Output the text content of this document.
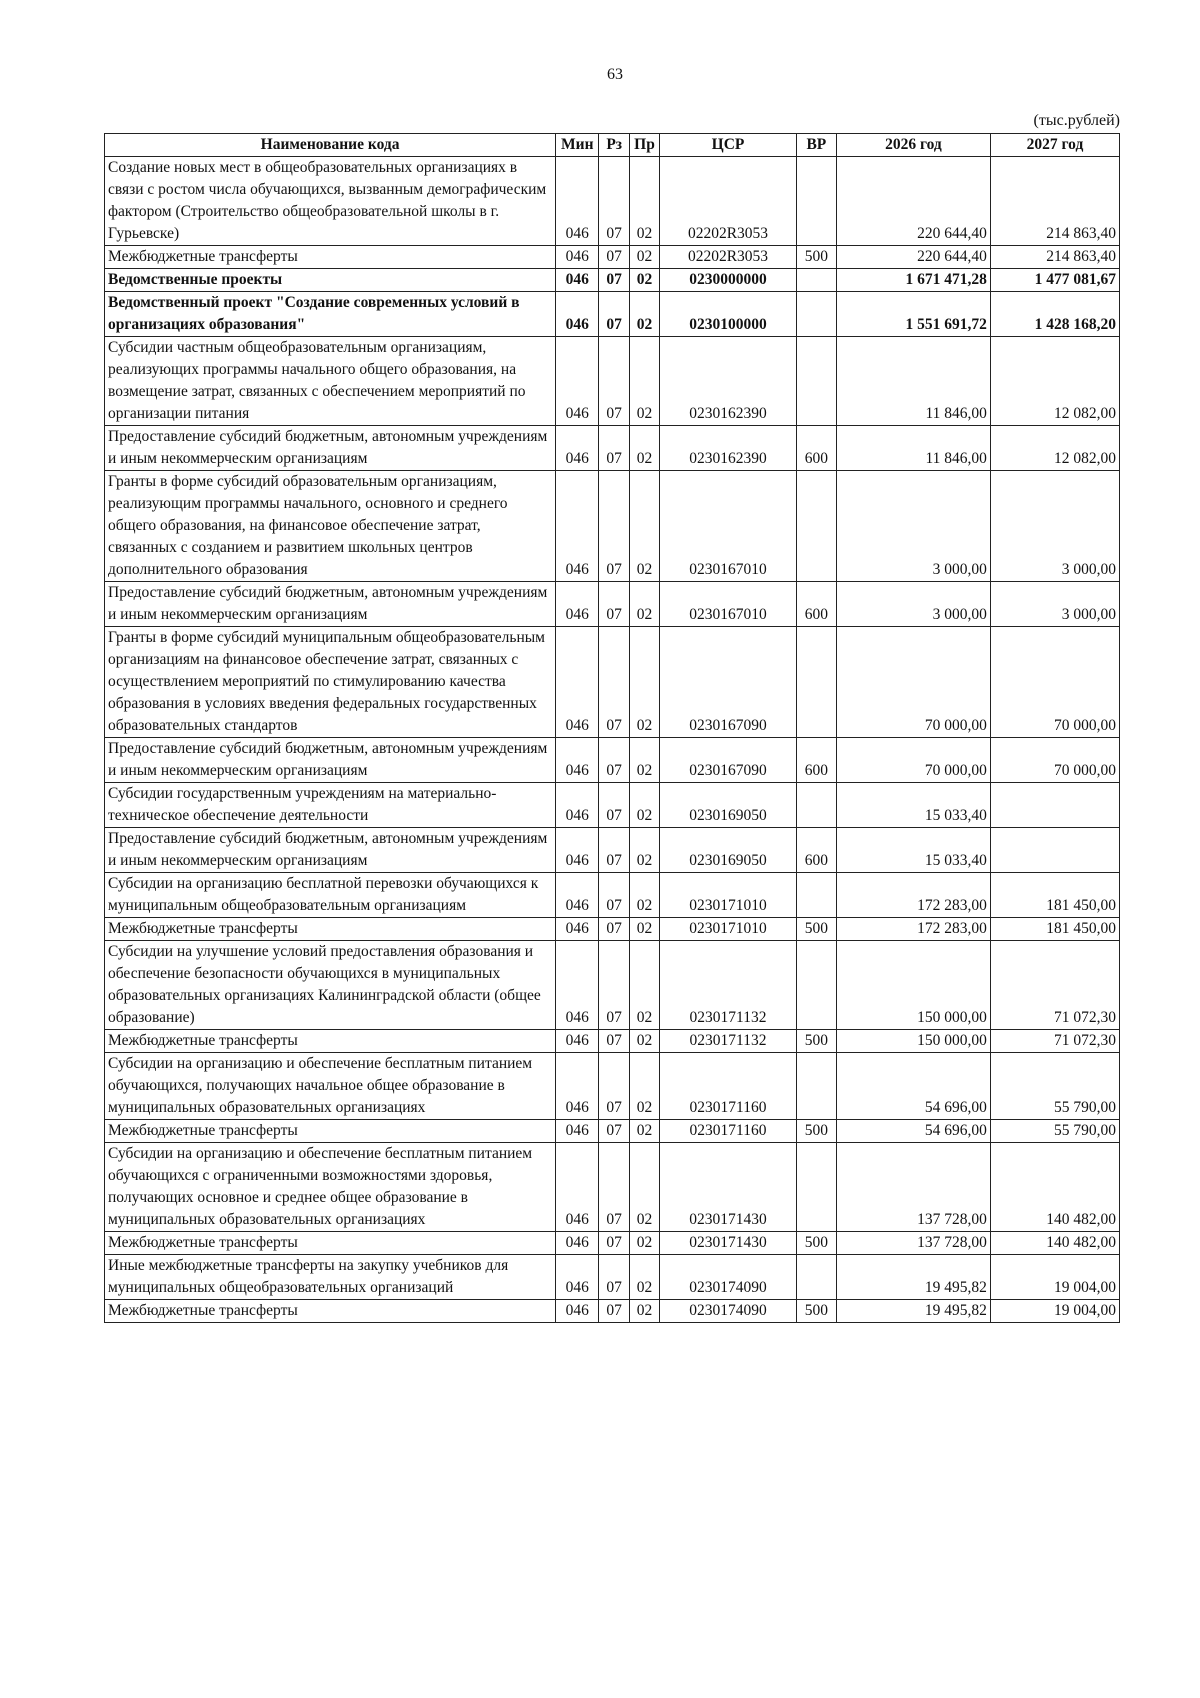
63
(тыс.рублей)
Наименование кода	Мин	Рз	Пр	ЦСР	ВР	2026 год	2027 год
Создание новых мест в общеобразовательных организациях в связи с ростом числа обучающихся, вызванным демографическим фактором (Строительство общеобразовательной школы в г. Гурьевске)	046	07	02	02202R3053		220 644,40	214 863,40
Межбюджетные трансферты	046	07	02	02202R3053	500	220 644,40	214 863,40
Ведомственные проекты	046	07	02	0230000000		1 671 471,28	1 477 081,67
Ведомственный проект "Создание современных условий в организациях образования"	046	07	02	0230100000		1 551 691,72	1 428 168,20
Субсидии частным общеобразовательным организациям, реализующих программы начального общего образования, на возмещение затрат, связанных с обеспечением мероприятий по организации питания	046	07	02	0230162390		11 846,00	12 082,00
Предоставление субсидий бюджетным, автономным учреждениям и иным некоммерческим организациям	046	07	02	0230162390	600	11 846,00	12 082,00
Гранты в форме субсидий образовательным организациям, реализующим программы начального, основного и среднего общего образования, на финансовое обеспечение затрат, связанных с созданием и развитием школьных центров дополнительного образования	046	07	02	0230167010		3 000,00	3 000,00
Предоставление субсидий бюджетным, автономным учреждениям и иным некоммерческим организациям	046	07	02	0230167010	600	3 000,00	3 000,00
Гранты в форме субсидий муниципальным общеобразовательным организациям на финансовое обеспечение затрат, связанных с осуществлением мероприятий по стимулированию качества образования в условиях введения федеральных государственных образовательных стандартов	046	07	02	0230167090		70 000,00	70 000,00
Предоставление субсидий бюджетным, автономным учреждениям и иным некоммерческим организациям	046	07	02	0230167090	600	70 000,00	70 000,00
Субсидии государственным учреждениям на материально-техническое обеспечение деятельности	046	07	02	0230169050		15 033,40	
Предоставление субсидий бюджетным, автономным учреждениям и иным некоммерческим организациям	046	07	02	0230169050	600	15 033,40	
Субсидии на организацию бесплатной перевозки обучающихся к муниципальным общеобразовательным организациям	046	07	02	0230171010		172 283,00	181 450,00
Межбюджетные трансферты	046	07	02	0230171010	500	172 283,00	181 450,00
Субсидии на улучшение условий предоставления образования и обеспечение безопасности обучающихся в муниципальных образовательных организациях Калининградской области (общее образование)	046	07	02	0230171132		150 000,00	71 072,30
Межбюджетные трансферты	046	07	02	0230171132	500	150 000,00	71 072,30
Субсидии на организацию и обеспечение бесплатным питанием обучающихся, получающих начальное общее образование в муниципальных образовательных организациях	046	07	02	0230171160		54 696,00	55 790,00
Межбюджетные трансферты	046	07	02	0230171160	500	54 696,00	55 790,00
Субсидии на организацию и обеспечение бесплатным питанием обучающихся с ограниченными возможностями здоровья, получающих основное и среднее общее образование в муниципальных образовательных организациях	046	07	02	0230171430		137 728,00	140 482,00
Межбюджетные трансферты	046	07	02	0230171430	500	137 728,00	140 482,00
Иные межбюджетные трансферты на закупку учебников для муниципальных общеобразовательных организаций	046	07	02	0230174090		19 495,82	19 004,00
Межбюджетные трансферты	046	07	02	0230174090	500	19 495,82	19 004,00
